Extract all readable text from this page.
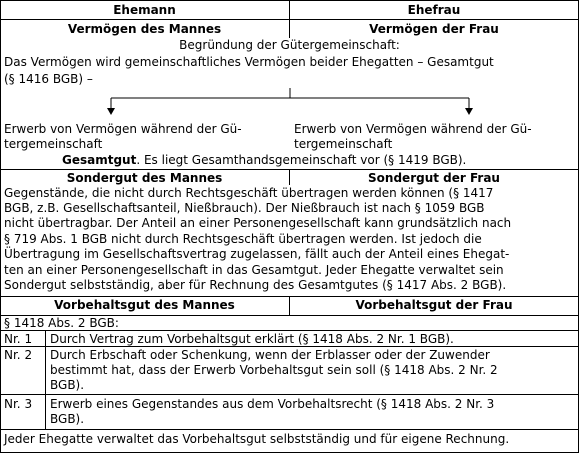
Ehemann	Ehefrau
Vermögen des Mannes	Vermögen der Frau
Begründung der Gütergemeinschaft:
Das Vermögen wird gemeinschaftliches Vermögen beider Ehegatten – Gesamtgut
(§ 1416 BGB) –
Erwerb von Vermögen während der Gü-
tergemeinschaft
Erwerb von Vermögen während der Gü-
tergemeinschaft
Gesamtgut. Es liegt Gesamthandsgemeinschaft vor (§ 1419 BGB).
Sondergut des Mannes	Sondergut der Frau
Gegenstände, die nicht durch Rechtsgeschäft übertragen werden können (§ 1417
BGB, z.B. Gesellschaftsanteil, Nießbrauch). Der Nießbrauch ist nach § 1059 BGB
nicht übertragbar. Der Anteil an einer Personengesellschaft kann grundsätzlich nach
§ 719 Abs. 1 BGB nicht durch Rechtsgeschäft übertragen werden. Ist jedoch die
Übertragung im Gesellschaftsvertrag zugelassen, fällt auch der Anteil eines Ehegat-
ten an einer Personengesellschaft in das Gesamtgut. Jeder Ehegatte verwaltet sein
Sondergut selbstständig, aber für Rechnung des Gesamtgutes (§ 1417 Abs. 2 BGB).
Vorbehaltsgut des Mannes	Vorbehaltsgut der Frau
§ 1418 Abs. 2 BGB:
Nr. 1 Durch Vertrag zum Vorbehaltsgut erklärt (§ 1418 Abs. 2 Nr. 1 BGB).
Nr. 2 Durch Erbschaft oder Schenkung, wenn der Erblasser oder der Zuwender
bestimmt hat, dass der Erwerb Vorbehaltsgut sein soll (§ 1418 Abs. 2 Nr. 2
BGB).
Nr. 3 Erwerb eines Gegenstandes aus dem Vorbehaltsrecht (§ 1418 Abs. 2 Nr. 3
BGB).
Jeder Ehegatte verwaltet das Vorbehaltsgut selbstständig und für eigene Rechnung.
